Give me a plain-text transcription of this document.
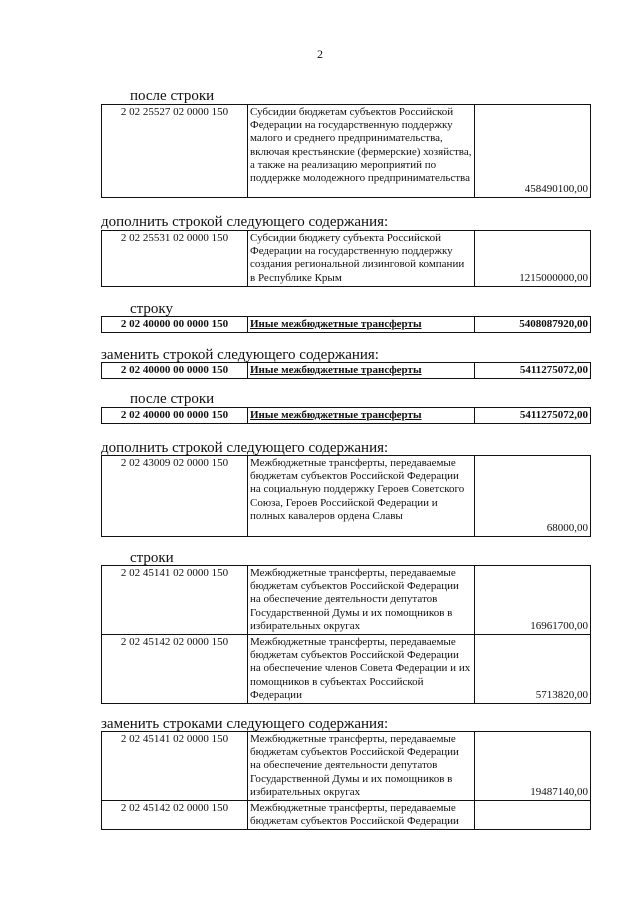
2
после строки
2 02 25527 02 0000 150	Субсидии бюджетам субъектов Российской Федерации на государственную поддержку малого и среднего предпринимательства, включая крестьянские (фермерские) хозяйства, а также на реализацию мероприятий по поддержке молодежного предпринимательства	458490100,00
дополнить строкой следующего содержания:
2 02 25531 02 0000 150	Субсидии бюджету субъекта Российской Федерации на государственную поддержку создания региональной лизинговой компании в Республике Крым	1215000000,00
строку
2 02 40000 00 0000 150	Иные межбюджетные трансферты	5408087920,00
заменить строкой следующего содержания:
2 02 40000 00 0000 150	Иные межбюджетные трансферты	5411275072,00
после строки
2 02 40000 00 0000 150	Иные межбюджетные трансферты	5411275072,00
дополнить строкой следующего содержания:
2 02 43009 02 0000 150	Межбюджетные трансферты, передаваемые бюджетам субъектов Российской Федерации на социальную поддержку Героев Советского Союза, Героев Российской Федерации и полных кавалеров ордена Славы	68000,00
строки
2 02 45141 02 0000 150	Межбюджетные трансферты, передаваемые бюджетам субъектов Российской Федерации на обеспечение деятельности депутатов Государственной Думы и их помощников в избирательных округах	16961700,00
2 02 45142 02 0000 150	Межбюджетные трансферты, передаваемые бюджетам субъектов Российской Федерации на обеспечение членов Совета Федерации и их помощников в субъектах Российской Федерации	5713820,00
заменить строками следующего содержания:
2 02 45141 02 0000 150	Межбюджетные трансферты, передаваемые бюджетам субъектов Российской Федерации на обеспечение деятельности депутатов Государственной Думы и их помощников в избирательных округах	19487140,00
2 02 45142 02 0000 150	Межбюджетные трансферты, передаваемые бюджетам субъектов Российской Федерации	
